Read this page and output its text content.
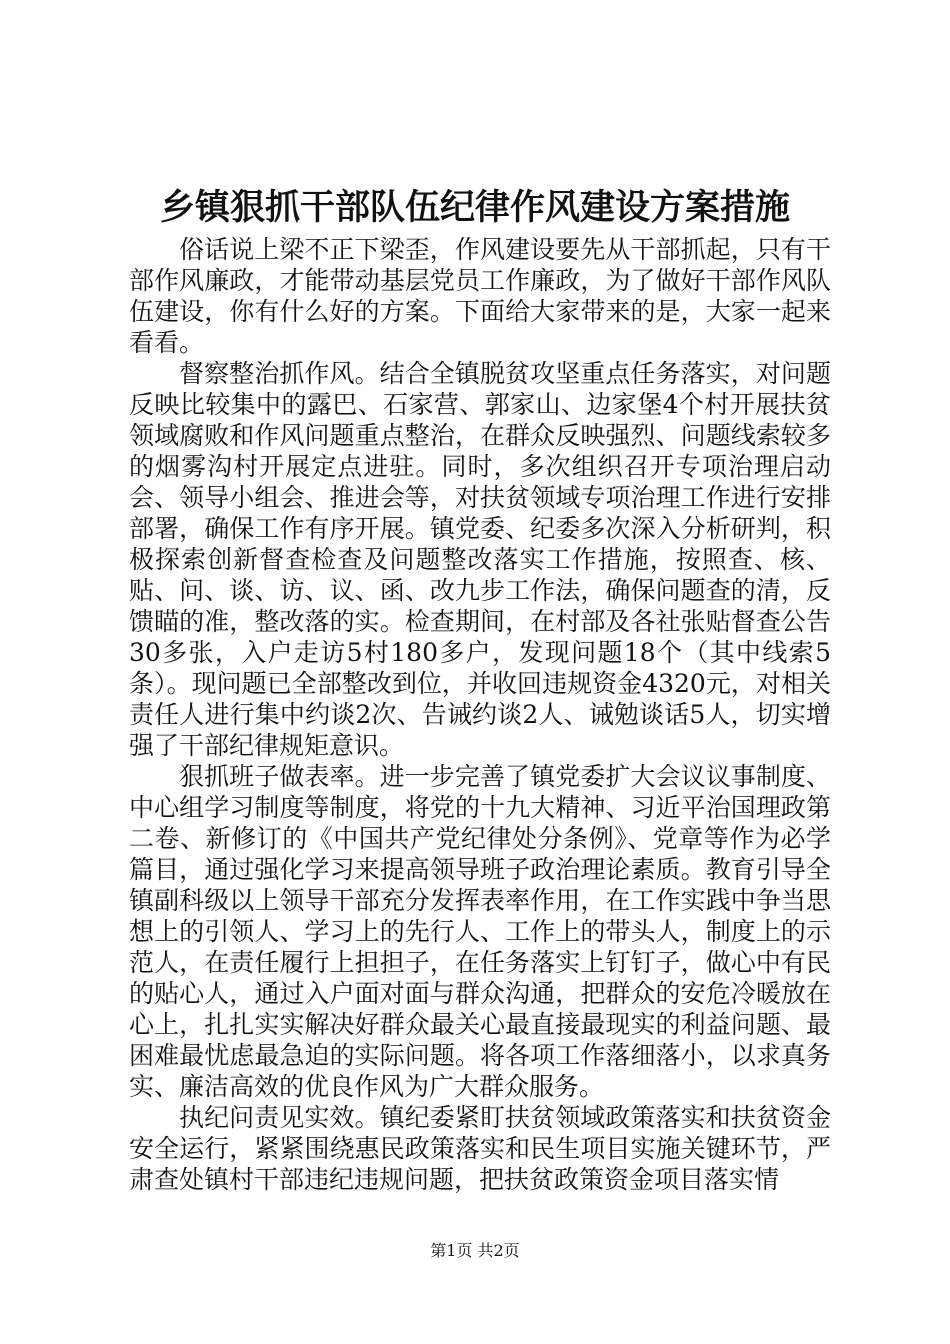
乡镇狠抓干部队伍纪律作风建设方案措施

俗话说上梁不正下梁歪，作风建设要先从干部抓起，只有干部作风廉政，才能带动基层党员工作廉政，为了做好干部作风队伍建设，你有什么好的方案。下面给大家带来的是，大家一起来看看。

督察整治抓作风。结合全镇脱贫攻坚重点任务落实，对问题反映比较集中的露巴、石家营、郭家山、边家堡4个村开展扶贫领域腐败和作风问题重点整治，在群众反映强烈、问题线索较多的烟雾沟村开展定点进驻。同时，多次组织召开专项治理启动会、领导小组会、推进会等，对扶贫领域专项治理工作进行安排部署，确保工作有序开展。镇党委、纪委多次深入分析研判，积极探索创新督查检查及问题整改落实工作措施，按照查、核、贴、问、谈、访、议、函、改九步工作法，确保问题查的清，反馈瞄的准，整改落的实。检查期间，在村部及各社张贴督查公告30多张，入户走访5村180多户，发现问题18个（其中线索5条）。现问题已全部整改到位，并收回违规资金4320元，对相关责任人进行集中约谈2次、告诫约谈2人、诫勉谈话5人，切实增强了干部纪律规矩意识。

狠抓班子做表率。进一步完善了镇党委扩大会议议事制度、中心组学习制度等制度，将党的十九大精神、习近平治国理政第二卷、新修订的《中国共产党纪律处分条例》、党章等作为必学篇目，通过强化学习来提高领导班子政治理论素质。教育引导全镇副科级以上领导干部充分发挥表率作用，在工作实践中争当思想上的引领人、学习上的先行人、工作上的带头人，制度上的示范人，在责任履行上担担子，在任务落实上钉钉子，做心中有民的贴心人，通过入户面对面与群众沟通，把群众的安危冷暖放在心上，扎扎实实解决好群众最关心最直接最现实的利益问题、最困难最忧虑最急迫的实际问题。将各项工作落细落小，以求真务实、廉洁高效的优良作风为广大群众服务。

执纪问责见实效。镇纪委紧盯扶贫领域政策落实和扶贫资金安全运行，紧紧围绕惠民政策落实和民生项目实施关键环节，严肃查处镇村干部违纪违规问题，把扶贫政策资金项目落实情

第1页 共2页
